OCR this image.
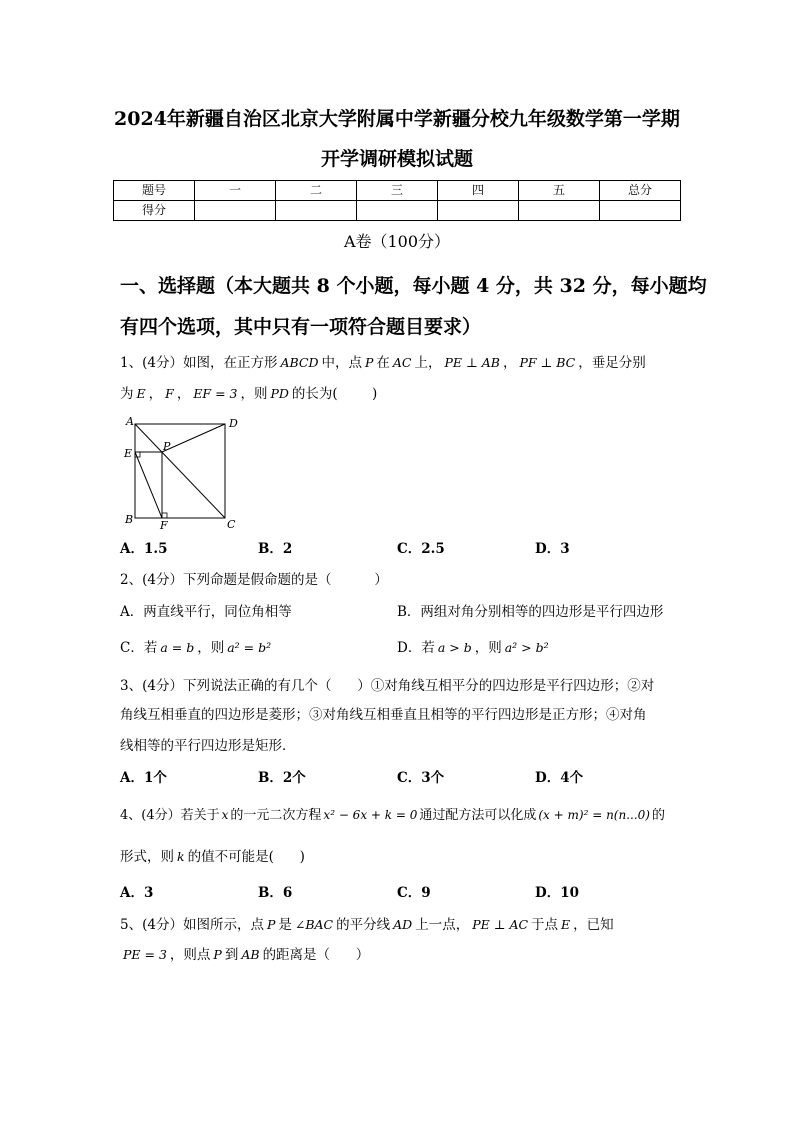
2024年新疆自治区北京大学附属中学新疆分校九年级数学第一学期
开学调研模拟试题
题号	一	二	三	四	五	总分
得分						
A卷（100分）
一、选择题（本大题共 8 个小题，每小题 4 分，共 32 分，每小题均
有四个选项，其中只有一项符合题目要求）
1、(4分）如图，在正方形 ABCD 中，点 P 在 AC 上， PE ⊥ AB ， PF ⊥ BC ，垂足分别
为 E ， F ， EF = 3 ，则 PD 的长为(        )
A	D
E
P
B F	C
A．1.5	B．2	C．2.5	D．3
2、(4分）下列命题是假命题的是（          ）
A．两直线平行，同位角相等	B．两组对角分别相等的四边形是平行四边形
C．若 a = b ，则 a² = b²	D．若 a > b ，则 a² > b²
3、(4分）下列说法正确的有几个（      ）①对角线互相平分的四边形是平行四边形；②对
角线互相垂直的四边形是菱形；③对角线互相垂直且相等的平行四边形是正方形；④对角
线相等的平行四边形是矩形．
A．1个	B．2个	C．3个	D．4个
4、(4分）若关于 x 的一元二次方程 x² − 6x + k = 0 通过配方法可以化成 (x + m)² = n(n...0) 的
形式，则 k 的值不可能是(      )
A．3	B．6	C．9	D．10
5、(4分）如图所示，点 P 是 ∠BAC 的平分线 AD 上一点， PE ⊥ AC 于点 E ，已知
PE = 3 ，则点 P 到 AB 的距离是（      ）
